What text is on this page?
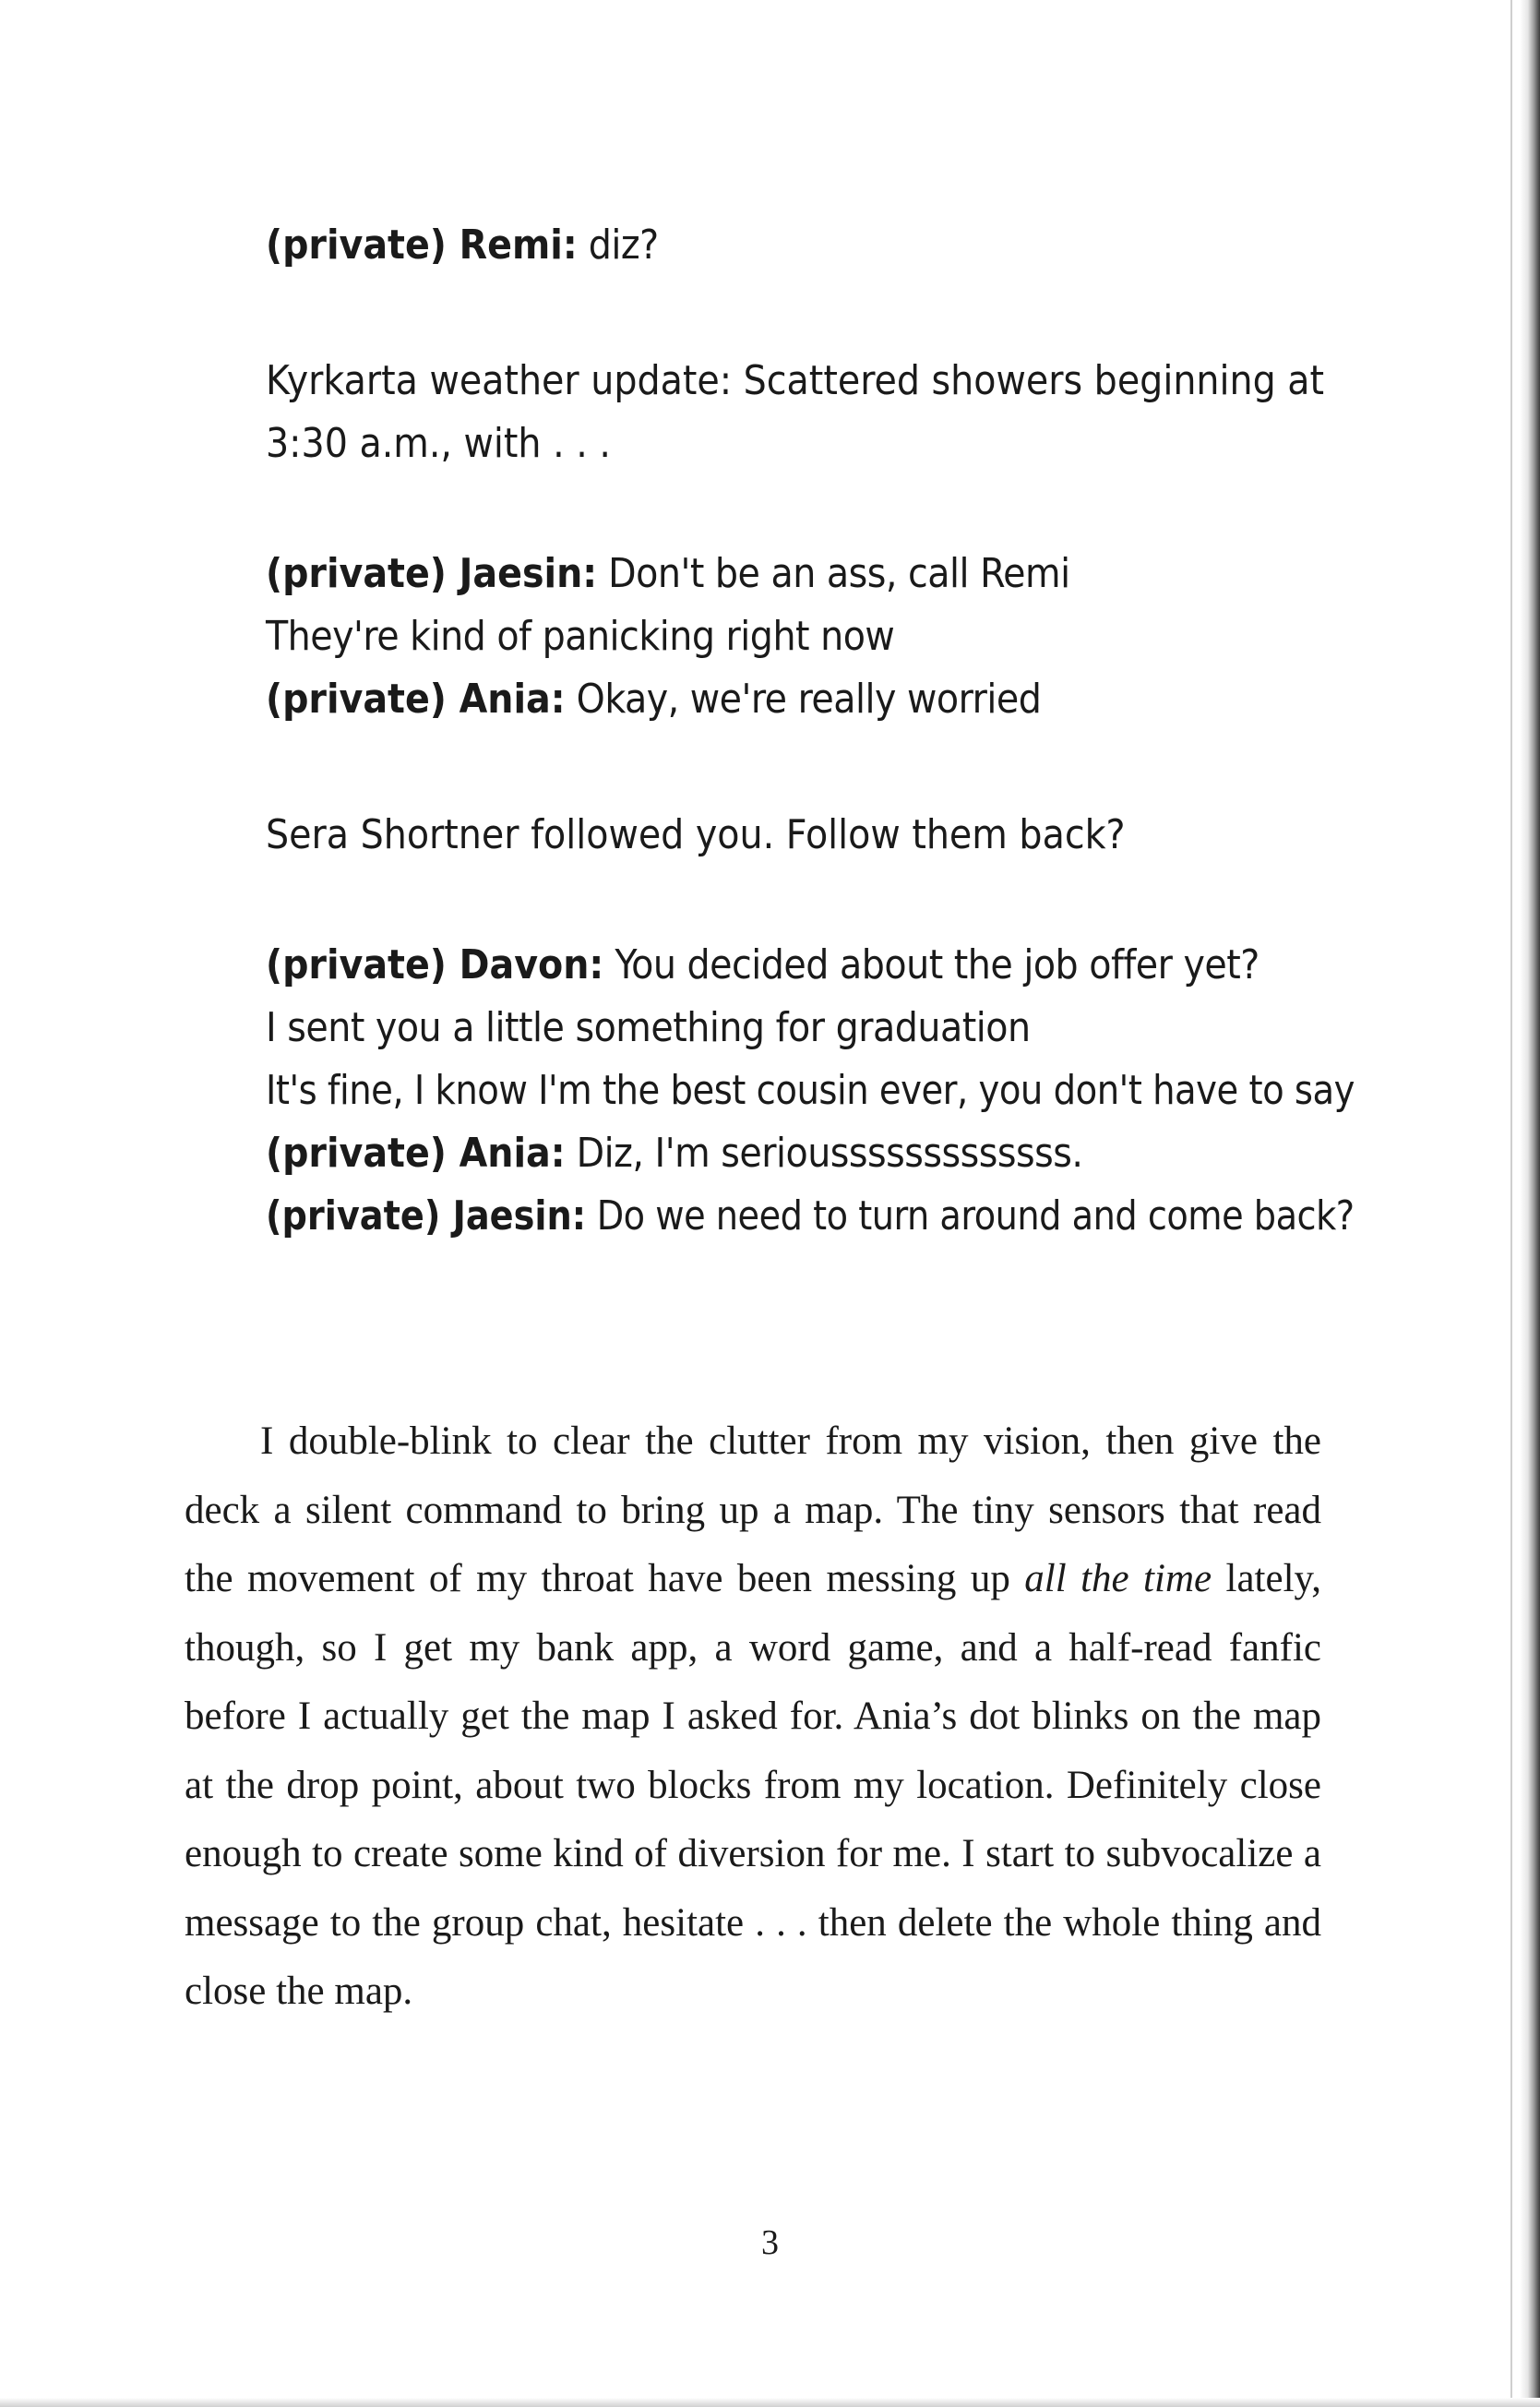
(private) Remi: diz?
Kyrkarta weather update: Scattered showers beginning at
3:30 a.m., with . . .
(private) Jaesin: Don't be an ass, call Remi
They're kind of panicking right now
(private) Ania: Okay, we're really worried
Sera Shortner followed you. Follow them back?
(private) Davon: You decided about the job offer yet?
I sent you a little something for graduation
It's fine, I know I'm the best cousin ever, you don't have to say
(private) Ania: Diz, I'm seriousssssssssssss.
(private) Jaesin: Do we need to turn around and come back?

I double-blink to clear the clutter from my vision, then give the deck a silent command to bring up a map. The tiny sensors that read the movement of my throat have been messing up all the time lately, though, so I get my bank app, a word game, and a half-read fanfic before I actually get the map I asked for. Ania’s dot blinks on the map at the drop point, about two blocks from my location. Definitely close enough to create some kind of diversion for me. I start to subvocalize a message to the group chat, hesitate . . . then delete the whole thing and close the map.

3
